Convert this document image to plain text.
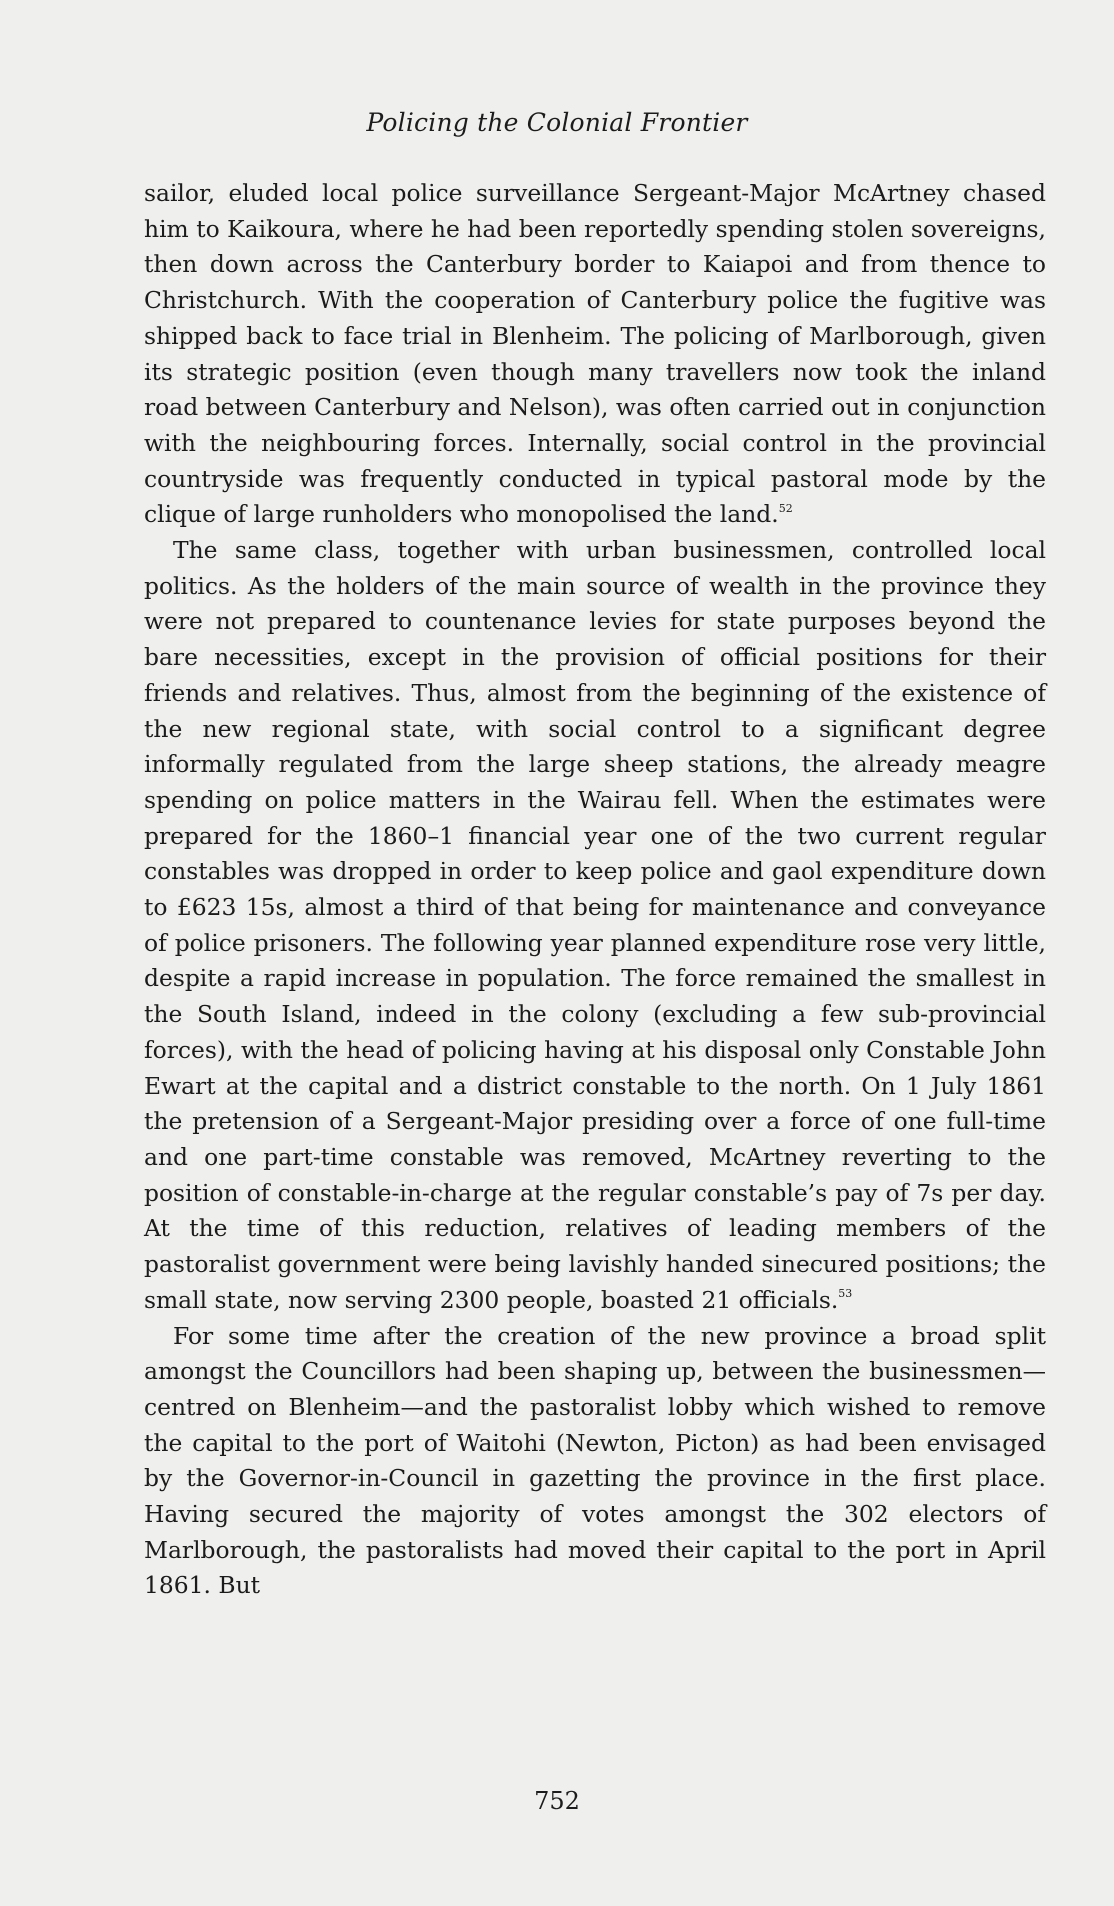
Policing the Colonial Frontier

sailor, eluded local police surveillance Sergeant-Major McArtney chased him to Kaikoura, where he had been reportedly spending stolen sovereigns, then down across the Canterbury border to Kaiapoi and from thence to Christchurch. With the cooperation of Canterbury police the fugitive was shipped back to face trial in Blenheim. The policing of Marlborough, given its strategic position (even though many travellers now took the inland road between Canterbury and Nelson), was often carried out in conjunction with the neighbouring forces. Internally, social control in the provincial countryside was frequently conducted in typical pastoral mode by the clique of large runholders who monopolised the land.$^{52}$

The same class, together with urban businessmen, controlled local politics. As the holders of the main source of wealth in the province they were not prepared to countenance levies for state purposes beyond the bare necessities, except in the provision of official positions for their friends and relatives. Thus, almost from the beginning of the existence of the new regional state, with social control to a significant degree informally regulated from the large sheep stations, the already meagre spending on police matters in the Wairau fell. When the estimates were prepared for the 1860–1 financial year one of the two current regular constables was dropped in order to keep police and gaol expenditure down to £623 15s, almost a third of that being for maintenance and conveyance of police prisoners. The following year planned expenditure rose very little, despite a rapid increase in population. The force remained the smallest in the South Island, indeed in the colony (excluding a few sub-provincial forces), with the head of policing having at his disposal only Constable John Ewart at the capital and a district constable to the north. On 1 July 1861 the pretension of a Sergeant-Major presiding over a force of one full-time and one part-time constable was removed, McArtney reverting to the position of constable-in-charge at the regular constable’s pay of 7s per day. At the time of this reduction, relatives of leading members of the pastoralist government were being lavishly handed sinecured positions; the small state, now serving 2300 people, boasted 21 officials.$^{53}$

For some time after the creation of the new province a broad split amongst the Councillors had been shaping up, between the businessmen—centred on Blenheim—and the pastoralist lobby which wished to remove the capital to the port of Waitohi (Newton, Picton) as had been envisaged by the Governor-in-Council in gazetting the province in the first place. Having secured the majority of votes amongst the 302 electors of Marlborough, the pastoralists had moved their capital to the port in April 1861. But

752
